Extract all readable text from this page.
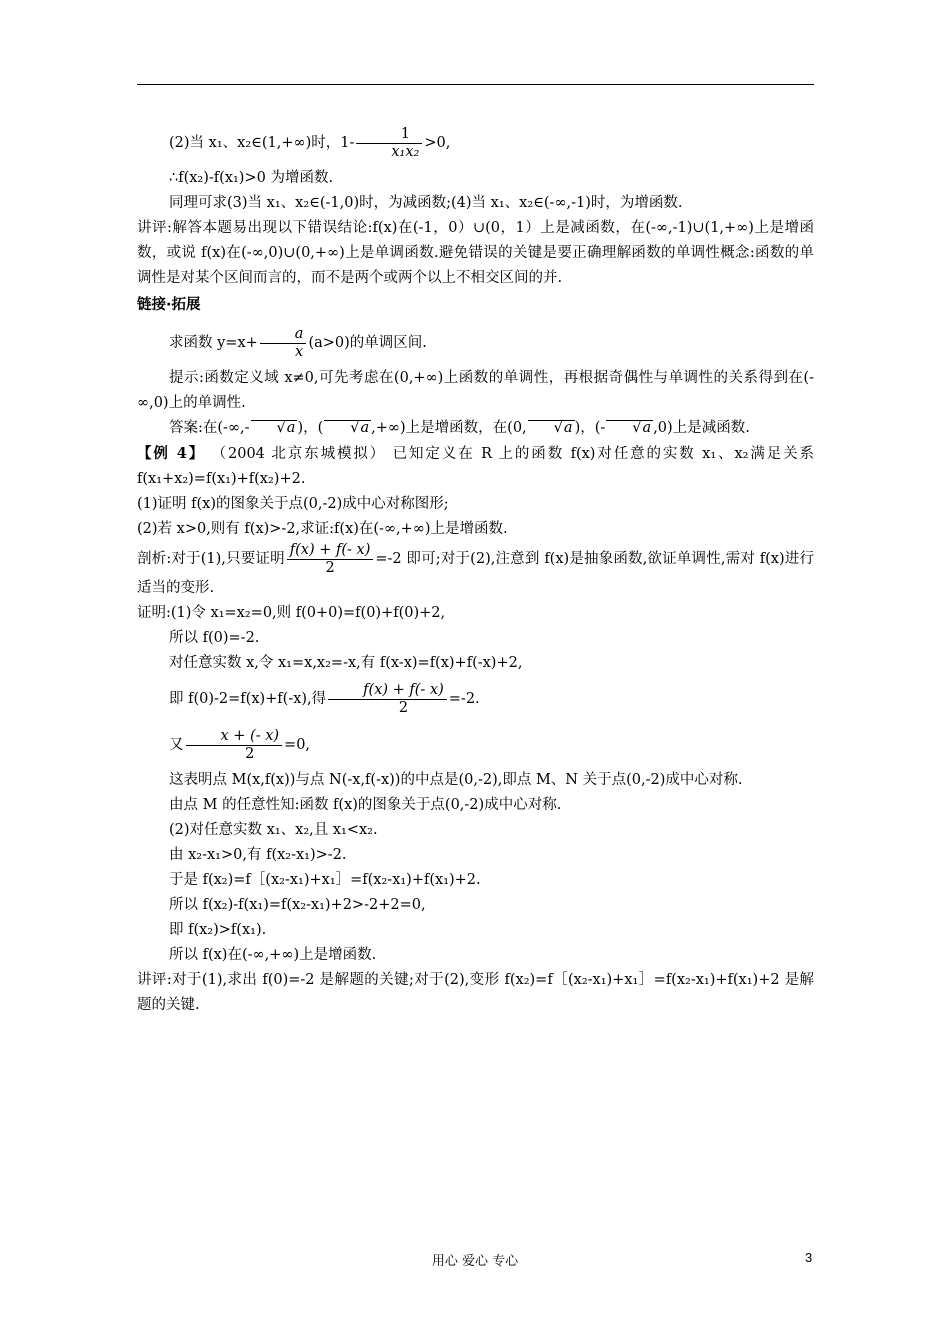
(2)当 x₁、x₂∈(1,+∞)时，$1- \frac{1}{\text{x₁x₂}} >0$,

∴f(x₂)-f(x₁)>0 为增函数.

同理可求(3)当 x₁、x₂∈(-1,0)时，为减函数;(4)当 x₁、x₂∈(-∞,-1)时，为增函数.

讲评:解答本题易出现以下错误结论:f(x)在(-1，0）∪(0，1）上是减函数，在(-∞,-1)∪(1,+∞)上是增函数，或说 f(x)在(-∞,0)∪(0,+∞)上是单调函数.避免错误的关键是要正确理解函数的单调性概念:函数的单调性是对某个区间而言的，而不是两个或两个以上不相交区间的并.

链接·拓展

求函数 $y=x+ \frac{a}{x} (a>0)$的单调区间.

提示:函数定义域 x≠0,可先考虑在(0,+∞)上函数的单调性，再根据奇偶性与单调性的关系得到在(-∞,0)上的单调性.

答案:在(-∞,-	√ a )，(	√ a ,+∞)上是增函数，在(0,	√ a )，(-	√ a ,0)上是减函数.

【例 4】 （2004 北京东城模拟） 已知定义在 R 上的函数 f(x)对任意的实数 x₁、x₂满足关系 f(x₁+x₂)=f(x₁)+f(x₂)+2.

(1)证明 f(x)的图象关于点(0,-2)成中心对称图形;

(2)若 x>0,则有 f(x)>-2,求证:f(x)在(-∞,+∞)上是增函数.

剖析:对于(1),只要证明 $\frac{f(x) + f(- x)}{2} =-2$ 即可;对于(2),注意到 f(x)是抽象函数,欲证单调性,需对 f(x)进行适当的变形.

证明:(1)令 x₁=x₂=0,则 f(0+0)=f(0)+f(0)+2,

所以 f(0)=-2.

对任意实数 x,令 x₁=x,x₂=-x,有 f(x-x)=f(x)+f(-x)+2,

即 f(0)-2=f(x)+f(-x),得 $\frac{f(x) + f(- x)}{2} =-2$.

又 $\frac{x + (- x)}{2} =0$,

这表明点 M(x,f(x))与点 N(-x,f(-x))的中点是(0,-2),即点 M、N 关于点(0,-2)成中心对称.

由点 M 的任意性知:函数 f(x)的图象关于点(0,-2)成中心对称.

(2)对任意实数 x₁、x₂,且 x₁<x₂.

由 x₂-x₁>0,有 f(x₂-x₁)>-2.

于是 f(x₂)=f［(x₂-x₁)+x₁］=f(x₂-x₁)+f(x₁)+2.

所以 f(x₂)-f(x₁)=f(x₂-x₁)+2>-2+2=0,

即 f(x₂)>f(x₁).

所以 f(x)在(-∞,+∞)上是增函数.

讲评:对于(1),求出 f(0)=-2 是解题的关键;对于(2),变形 f(x₂)=f［(x₂-x₁)+x₁］=f(x₂-x₁)+f(x₁)+2 是解题的关键.

用心 爱心 专心	3
